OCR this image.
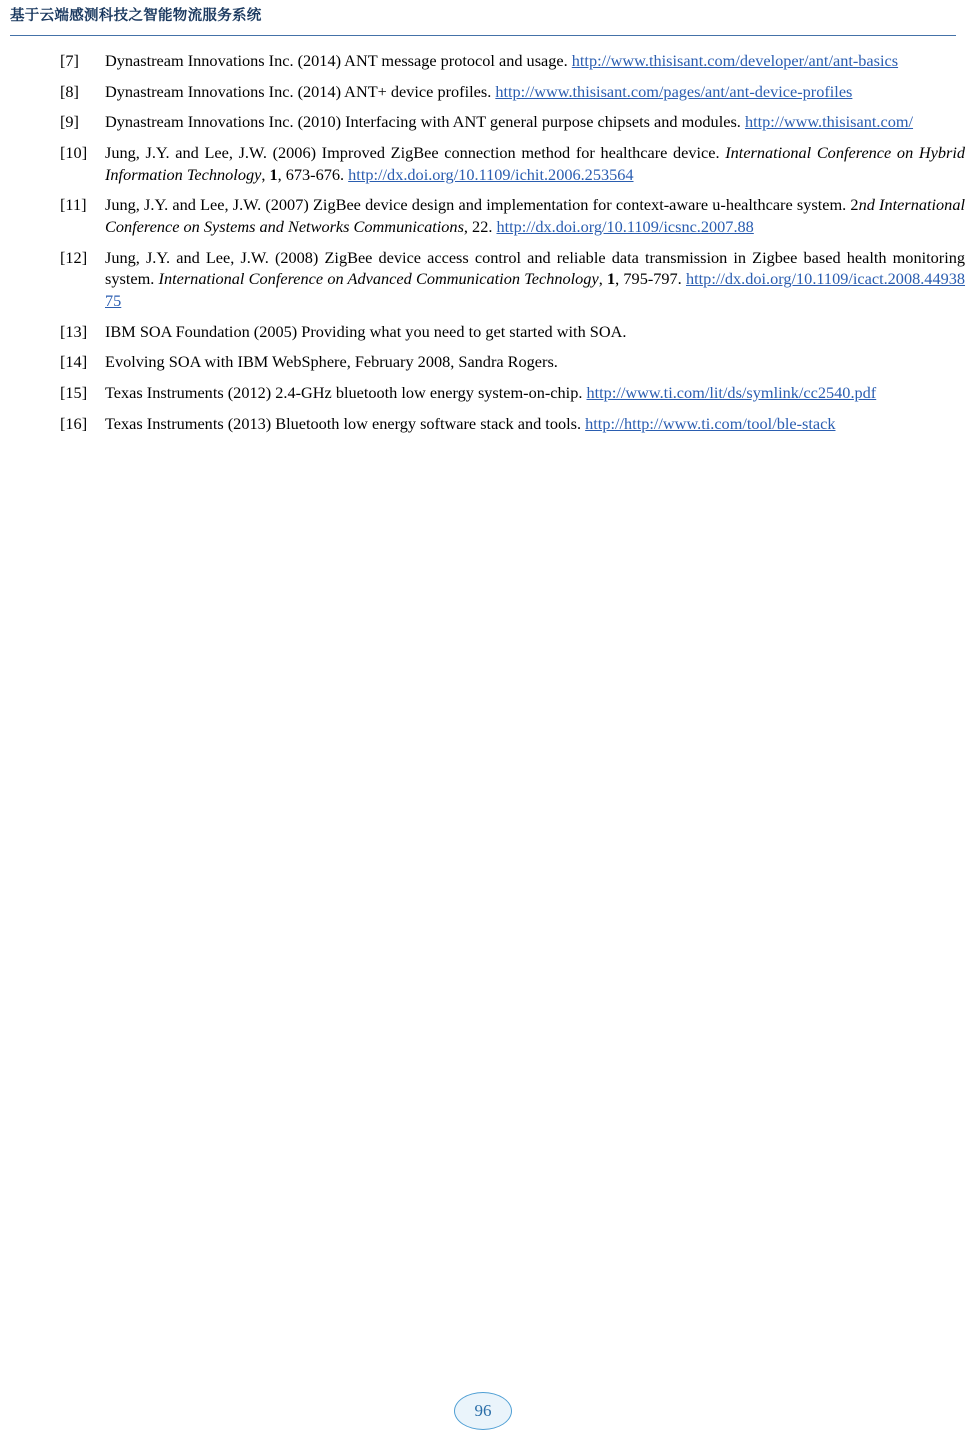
基于云端感测科技之智能物流服务系统
[7]	Dynastream Innovations Inc. (2014) ANT message protocol and usage. http://www.thisisant.com/developer/ant/ant-basics
[8]	Dynastream Innovations Inc. (2014) ANT+ device profiles. http://www.thisisant.com/pages/ant/ant-device-profiles
[9]	Dynastream Innovations Inc. (2010) Interfacing with ANT general purpose chipsets and modules. http://www.thisisant.com/
[10]	Jung, J.Y. and Lee, J.W. (2006) Improved ZigBee connection method for healthcare device. International Conference on Hybrid Information Technology, 1, 673-676. http://dx.doi.org/10.1109/ichit.2006.253564
[11]	Jung, J.Y. and Lee, J.W. (2007) ZigBee device design and implementation for context-aware u-healthcare system. 2nd International Conference on Systems and Networks Communications, 22. http://dx.doi.org/10.1109/icsnc.2007.88
[12]	Jung, J.Y. and Lee, J.W. (2008) ZigBee device access control and reliable data transmission in Zigbee based health monitoring system. International Conference on Advanced Communication Technology, 1, 795-797. http://dx.doi.org/10.1109/icact.2008.4493875
[13]	IBM SOA Foundation (2005) Providing what you need to get started with SOA.
[14]	Evolving SOA with IBM WebSphere, February 2008, Sandra Rogers.
[15]	Texas Instruments (2012) 2.4-GHz bluetooth low energy system-on-chip. http://www.ti.com/lit/ds/symlink/cc2540.pdf
[16]	Texas Instruments (2013) Bluetooth low energy software stack and tools. http://http://www.ti.com/tool/ble-stack
96
